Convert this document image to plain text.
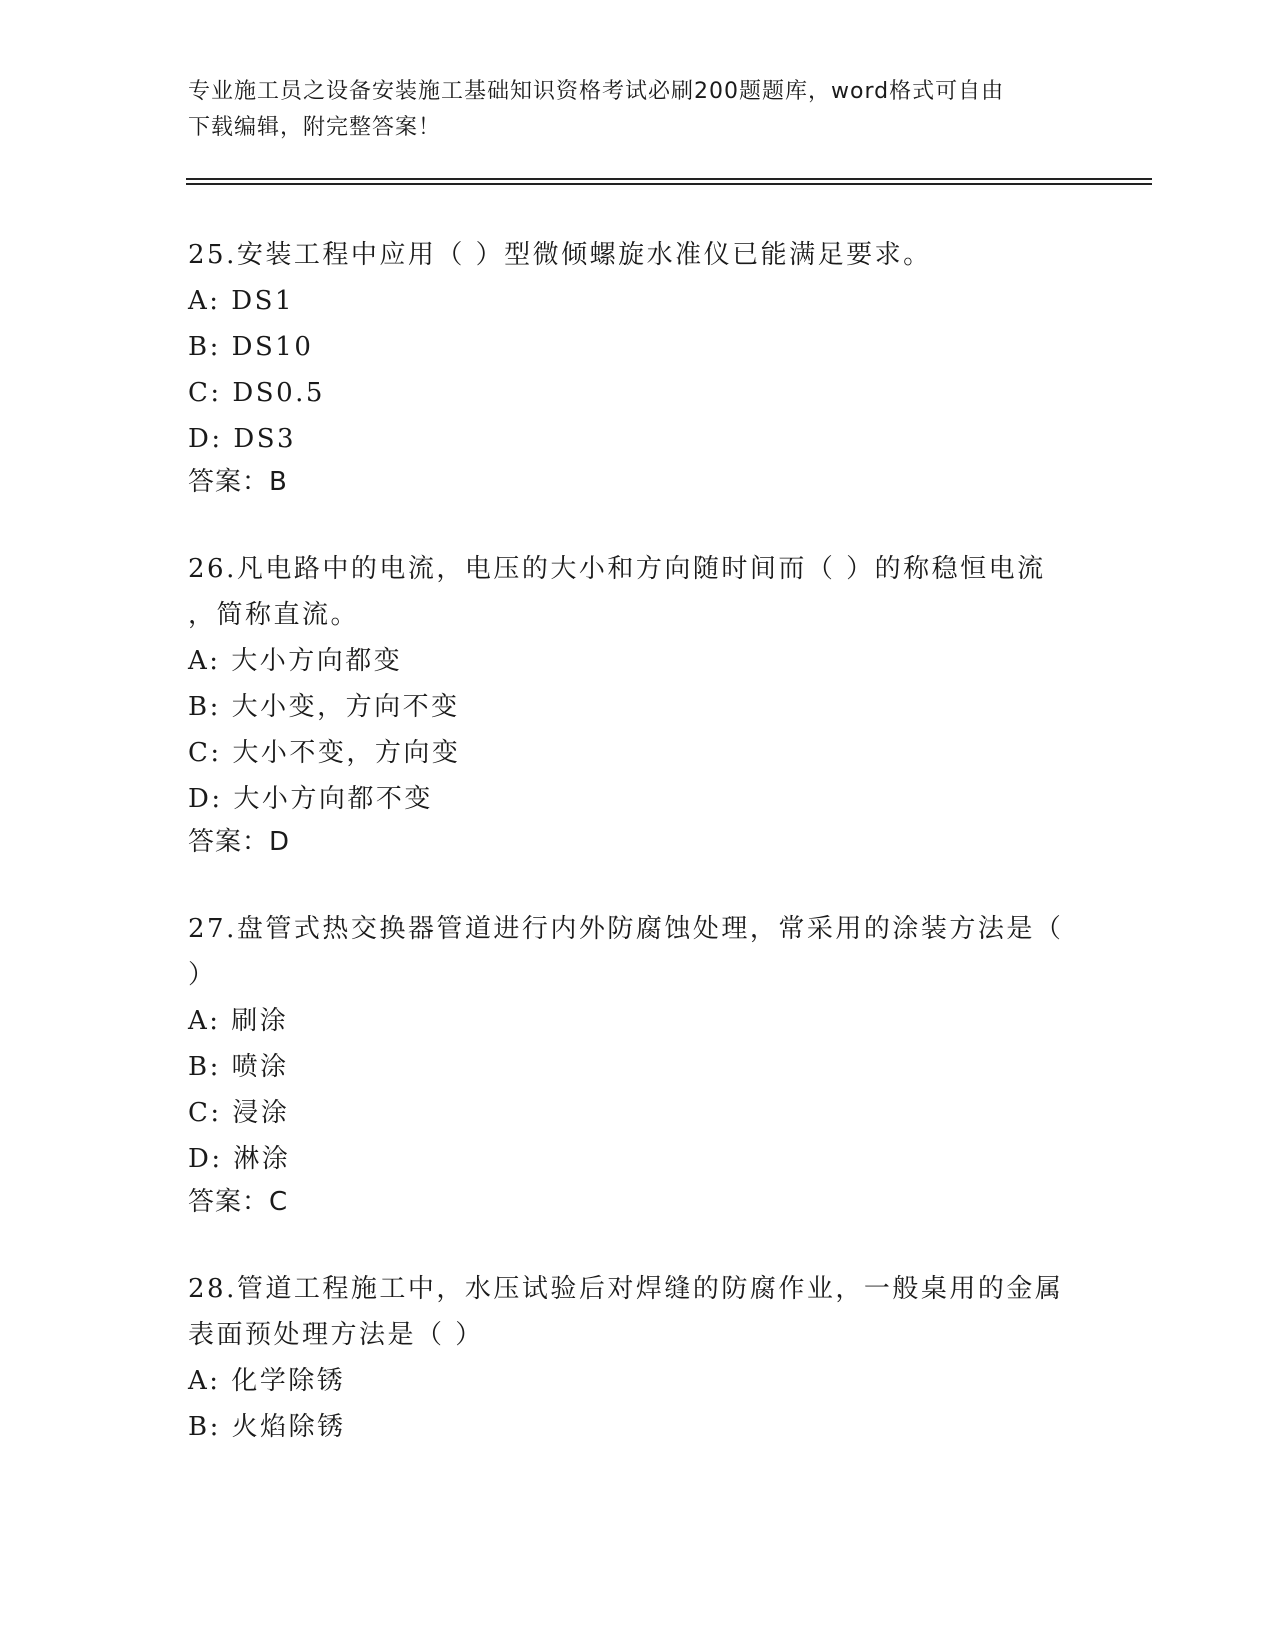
专业施工员之设备安装施工基础知识资格考试必刷200题题库，word格式可自由
下载编辑，附完整答案！
25.安装工程中应用（ ）型微倾螺旋水准仪已能满足要求。
A: DS1
B: DS10
C: DS0.5
D: DS3
答案：B
26.凡电路中的电流，电压的大小和方向随时间而（ ）的称稳恒电流
，简称直流。
A: 大小方向都变
B: 大小变，方向不变
C: 大小不变，方向变
D: 大小方向都不变
答案：D
27.盘管式热交换器管道进行内外防腐蚀处理，常采用的涂装方法是（
）
A: 刷涂
B: 喷涂
C: 浸涂
D: 淋涂
答案：C
28.管道工程施工中，水压试验后对焊缝的防腐作业，一般桌用的金属
表面预处理方法是（ ）
A: 化学除锈
B: 火焰除锈
